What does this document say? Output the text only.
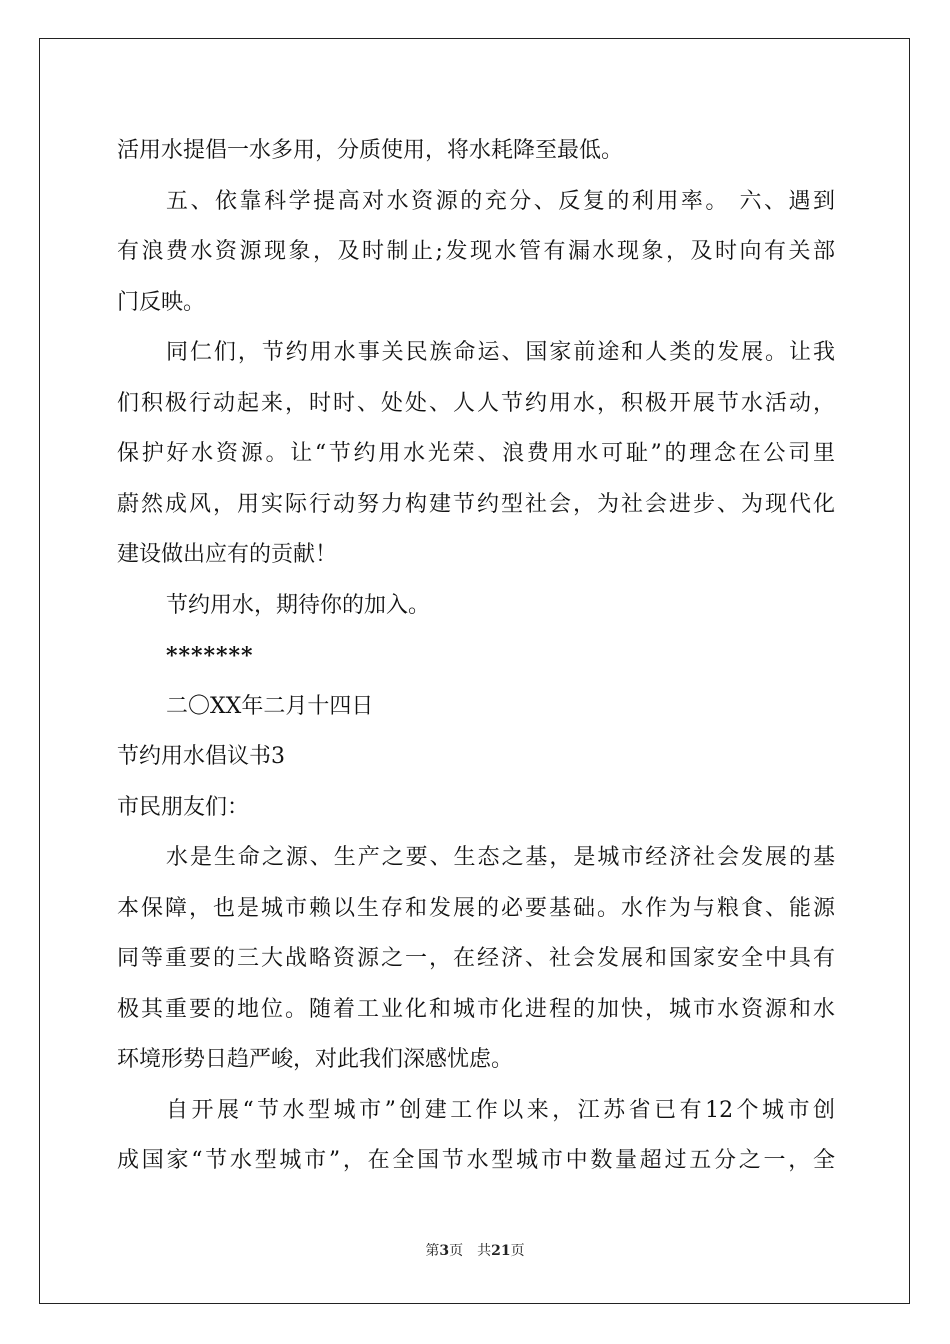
活用水提倡一水多用，分质使用，将水耗降至最低。
五、依靠科学提高对水资源的充分、反复的利用率。 六、遇到
有浪费水资源现象，及时制止;发现水管有漏水现象，及时向有关部
门反映。
同仁们，节约用水事关民族命运、国家前途和人类的发展。让我
们积极行动起来，时时、处处、人人节约用水，积极开展节水活动，
保护好水资源。让“节约用水光荣、浪费用水可耻”的理念在公司里
蔚然成风，用实际行动努力构建节约型社会，为社会进步、为现代化
建设做出应有的贡献！
节约用水，期待你的加入。
*******
二〇XX年二月十四日
节约用水倡议书3
市民朋友们：
水是生命之源、生产之要、生态之基，是城市经济社会发展的基
本保障，也是城市赖以生存和发展的必要基础。水作为与粮食、能源
同等重要的三大战略资源之一，在经济、社会发展和国家安全中具有
极其重要的地位。随着工业化和城市化进程的加快，城市水资源和水
环境形势日趋严峻，对此我们深感忧虑。
自开展“节水型城市”创建工作以来，江苏省已有12个城市创
成国家“节水型城市”，在全国节水型城市中数量超过五分之一，全
第3页　共21页
